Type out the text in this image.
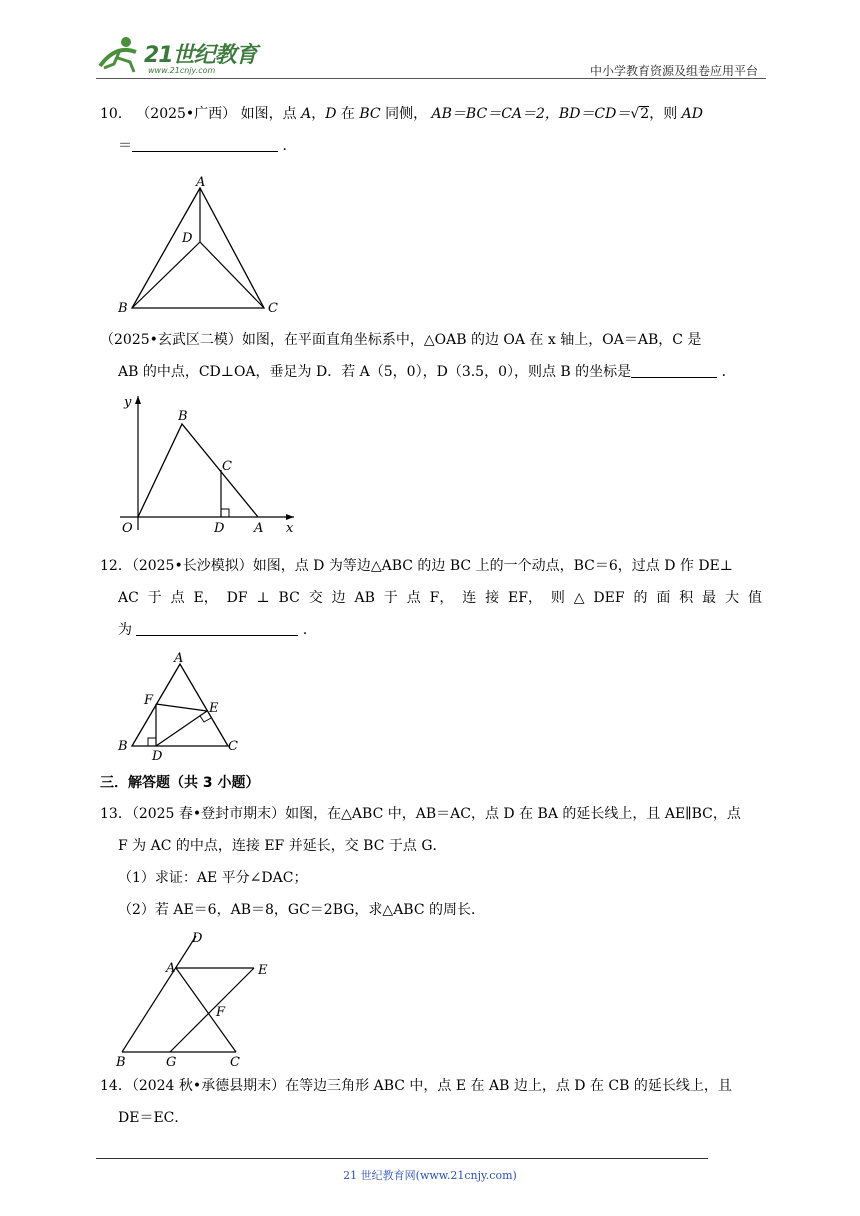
21世纪教育
www.21cnjy.com	中小学教育资源及组卷应用平台

10． （2025•广西） 如图，点 A，D 在 BC 同侧， AB＝BC＝CA＝2，BD＝CD＝√2，则 AD

＝	．

A
D
B	C

（2025•玄武区二模）如图，在平面直角坐标系中，△OAB 的边 OA 在 x 轴上，OA＝AB，C 是

AB 的中点，CD⊥OA，垂足为 D．若 A（5，0），D（3.5，0），则点 B 的坐标是	．

y
x
O
B
C
D A

12．（2025•长沙模拟）如图，点 D 为等边△ABC 的边 BC 上的一个动点，BC＝6，过点 D 作 DE⊥

AC  于  点  E，  DF  ⊥  BC  交  边  AB  于  点  F，  连  接  EF，  则  △  DEF  的  面  积  最  大  值

为	．

A
F
E
B
D
C
三．解答题（共 3 小题）

13．（2025 春•登封市期末）如图，在△ABC 中，AB＝AC，点 D 在 BA 的延长线上，且 AE∥BC，点

F 为 AC 的中点，连接 EF 并延长，交 BC 于点 G．

（1）求证：AE 平分∠DAC；

（2）若 AE＝6，AB＝8，GC＝2BG，求△ABC 的周长．

D
A	E
F
B	G	C

14．（2024 秋•承德县期末）在等边三角形 ABC 中，点 E 在 AB 边上，点 D 在 CB 的延长线上，且

DE＝EC．

21 世纪教育网(www.21cnjy.com)
